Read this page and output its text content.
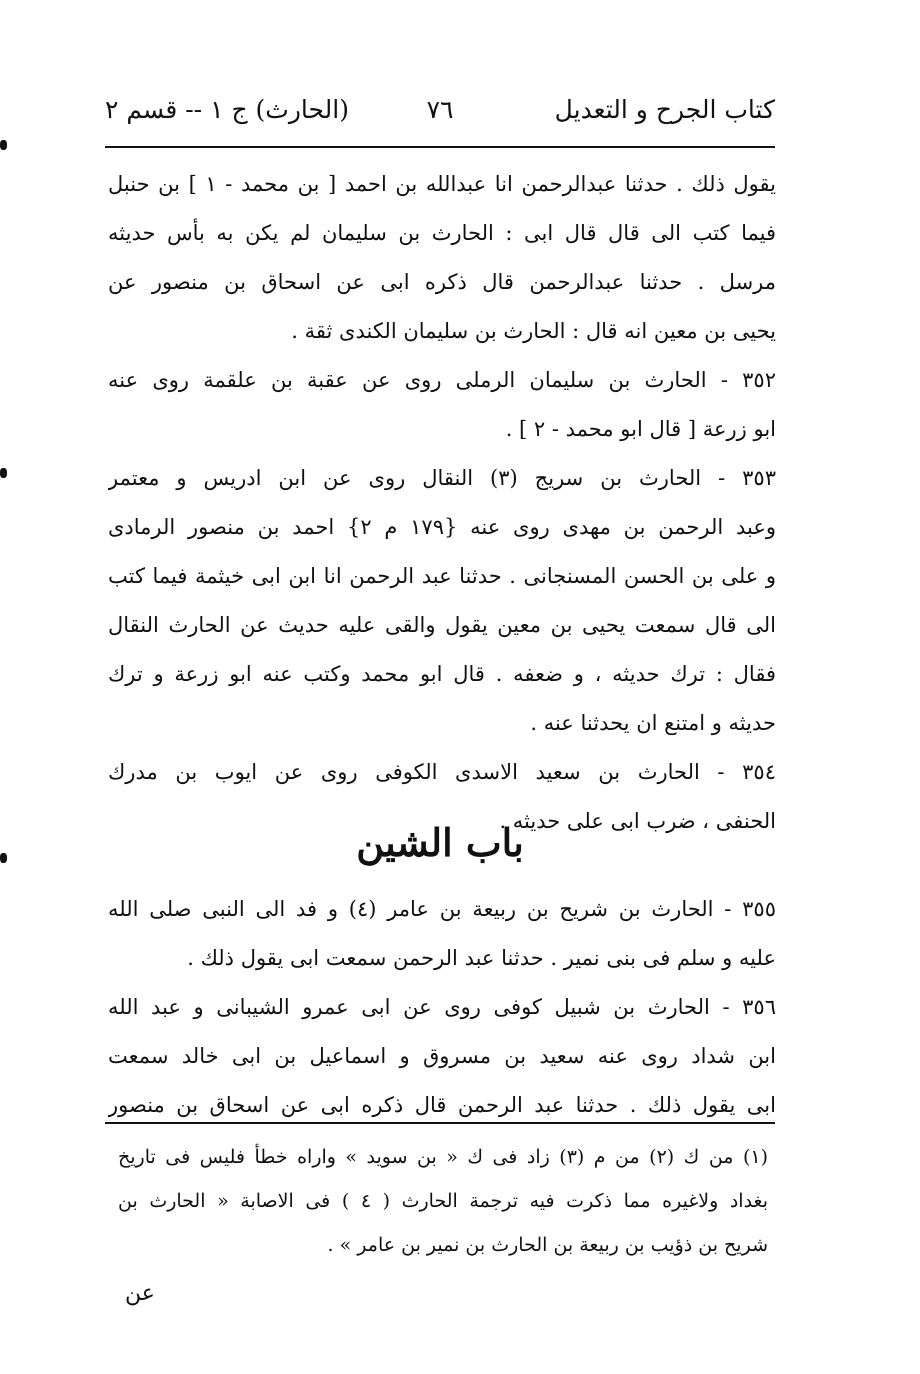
كتاب الجرح و التعديل
٧٦
(الحارث) ج ١ -- قسم ٢
يقول ذلك . حدثنا عبدالرحمن انا عبدالله بن احمد [ بن محمد - ١ ] بن حنبل
فيما كتب الى قال قال ابى : الحارث بن سليمان لم يكن به بأس حديثه
مرسل . حدثنا عبدالرحمن قال ذكره ابى عن اسحاق بن منصور عن
يحيى بن معين انه قال : الحارث بن سليمان الكندى ثقة .
٣٥٢ - الحارث بن سليمان الرملى روى عن عقبة بن علقمة روى عنه
ابو زرعة [ قال ابو محمد - ٢ ] .
٣٥٣ - الحارث بن سريج (٣) النقال روى عن ابن ادريس و معتمر
وعبد الرحمن بن مهدى روى عنه {١٧٩ م ٢} احمد بن منصور الرمادى
و على بن الحسن المسنجانى . حدثنا عبد الرحمن انا ابن ابى خيثمة فيما كتب
الى قال سمعت يحيى بن معين يقول والقى عليه حديث عن الحارث النقال
فقال : ترك حديثه ، و ضعفه . قال ابو محمد وكتب عنه ابو زرعة و ترك
حديثه و امتنع ان يحدثنا عنه .
٣٥٤ - الحارث بن سعيد الاسدى الكوفى روى عن ايوب بن مدرك
الحنفى ، ضرب ابى على حديثه .
باب الشين
٣٥٥ - الحارث بن شريح بن ربيعة بن عامر (٤) و فد الى النبى صلى الله
عليه و سلم فى بنى نمير . حدثنا عبد الرحمن سمعت ابى يقول ذلك .
٣٥٦ - الحارث بن شبيل كوفى روى عن ابى عمرو الشيبانى و عبد الله
ابن شداد روى عنه سعيد بن مسروق و اسماعيل بن ابى خالد سمعت
ابى يقول ذلك . حدثنا عبد الرحمن قال ذكره ابى عن اسحاق بن منصور
(١) من ك (٢) من م (٣) زاد فى ك « بن سويد » واراه خطأ فليس فى تاريخ
بغداد ولاغيره مما ذكرت فيه ترجمة الحارث ( ٤ ) فى الاصابة « الحارث بن
شريح بن ذؤيب بن ربيعة بن الحارث بن نمير بن عامر » .
عن
